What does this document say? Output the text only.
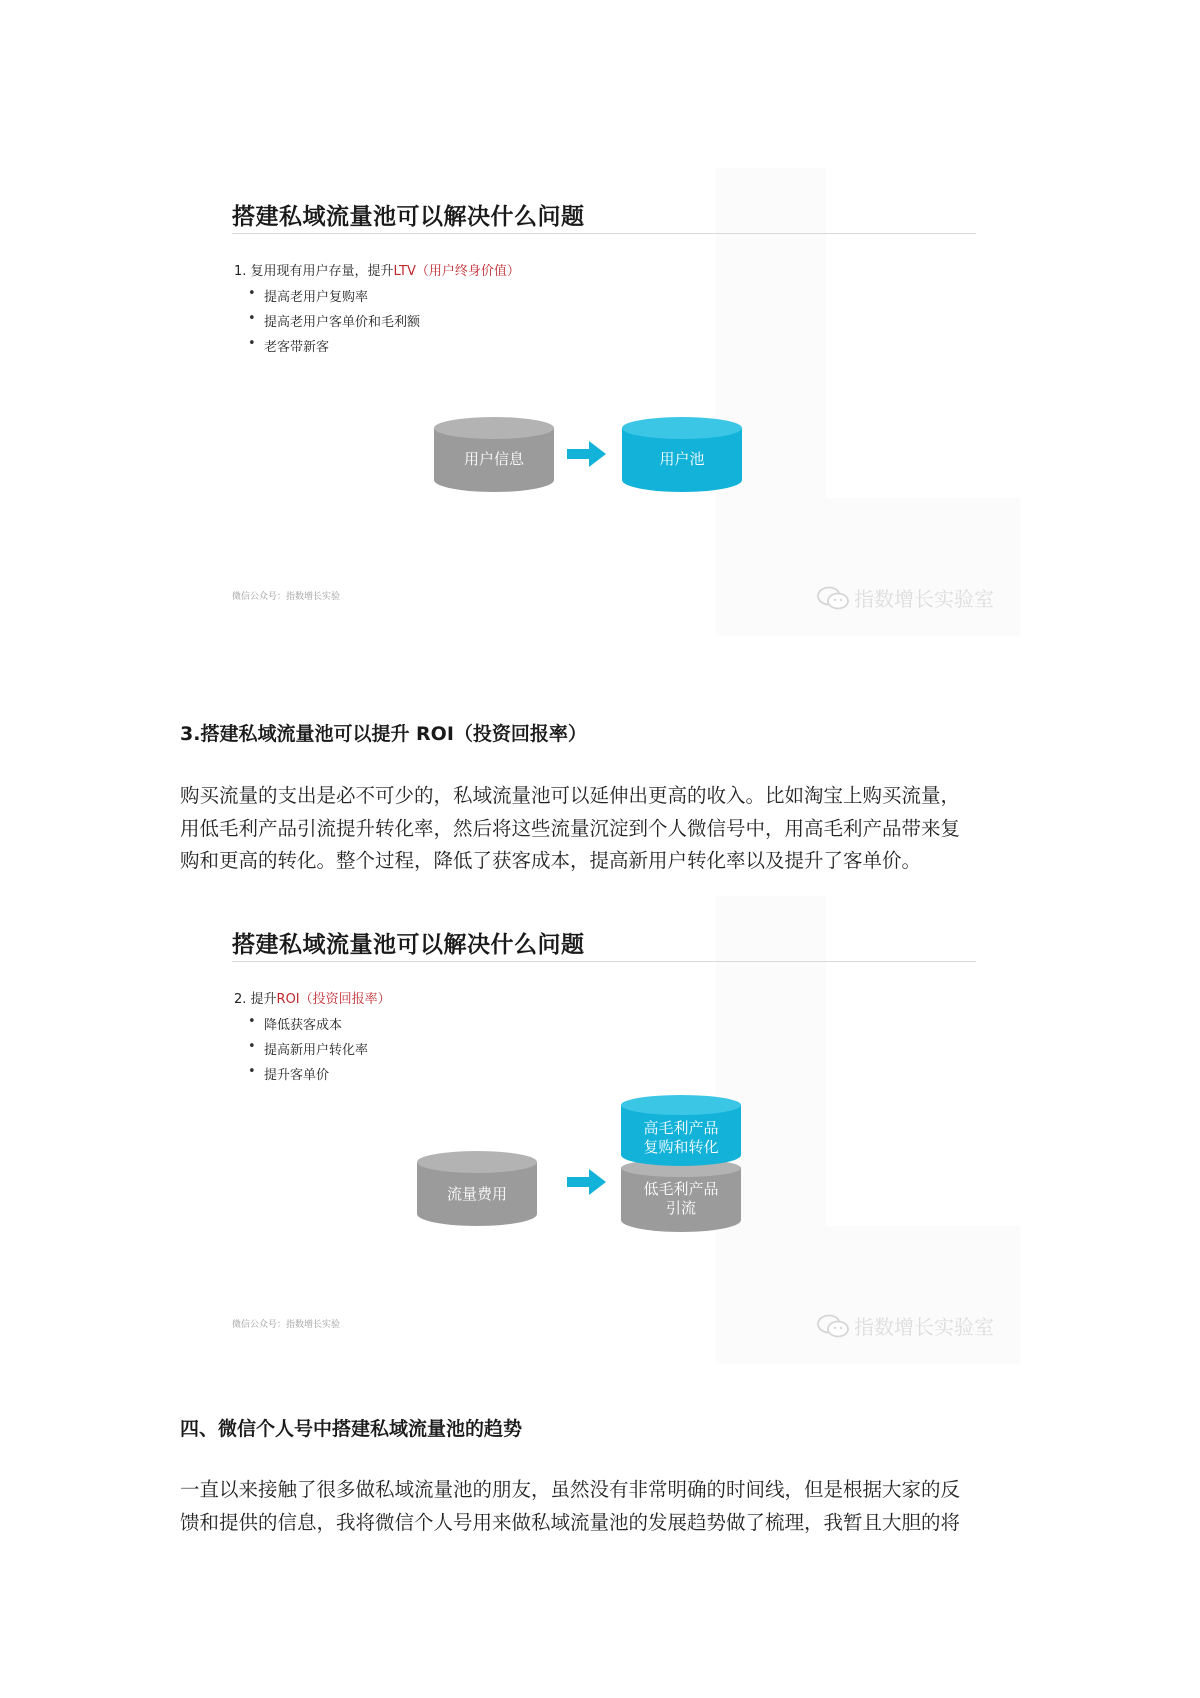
搭建私域流量池可以解决什么问题
1. 复用现有用户存量，提升LTV（用户终身价值）
• 提高老用户复购率
• 提高老用户客单价和毛利额
• 老客带新客
用户信息	用户池
微信公众号：指数增长实验	指数增长实验室
3.搭建私域流量池可以提升 ROI（投资回报率）
购买流量的支出是必不可少的，私域流量池可以延伸出更高的收入。比如淘宝上购买流量，
用低毛利产品引流提升转化率，然后将这些流量沉淀到个人微信号中，用高毛利产品带来复
购和更高的转化。整个过程，降低了获客成本，提高新用户转化率以及提升了客单价。
搭建私域流量池可以解决什么问题
2. 提升ROI（投资回报率）
• 降低获客成本
• 提高新用户转化率
• 提升客单价
流量费用	低毛利产品
引流
高毛利产品
复购和转化
微信公众号：指数增长实验	指数增长实验室
四、微信个人号中搭建私域流量池的趋势
一直以来接触了很多做私域流量池的朋友，虽然没有非常明确的时间线，但是根据大家的反
馈和提供的信息，我将微信个人号用来做私域流量池的发展趋势做了梳理，我暂且大胆的将
